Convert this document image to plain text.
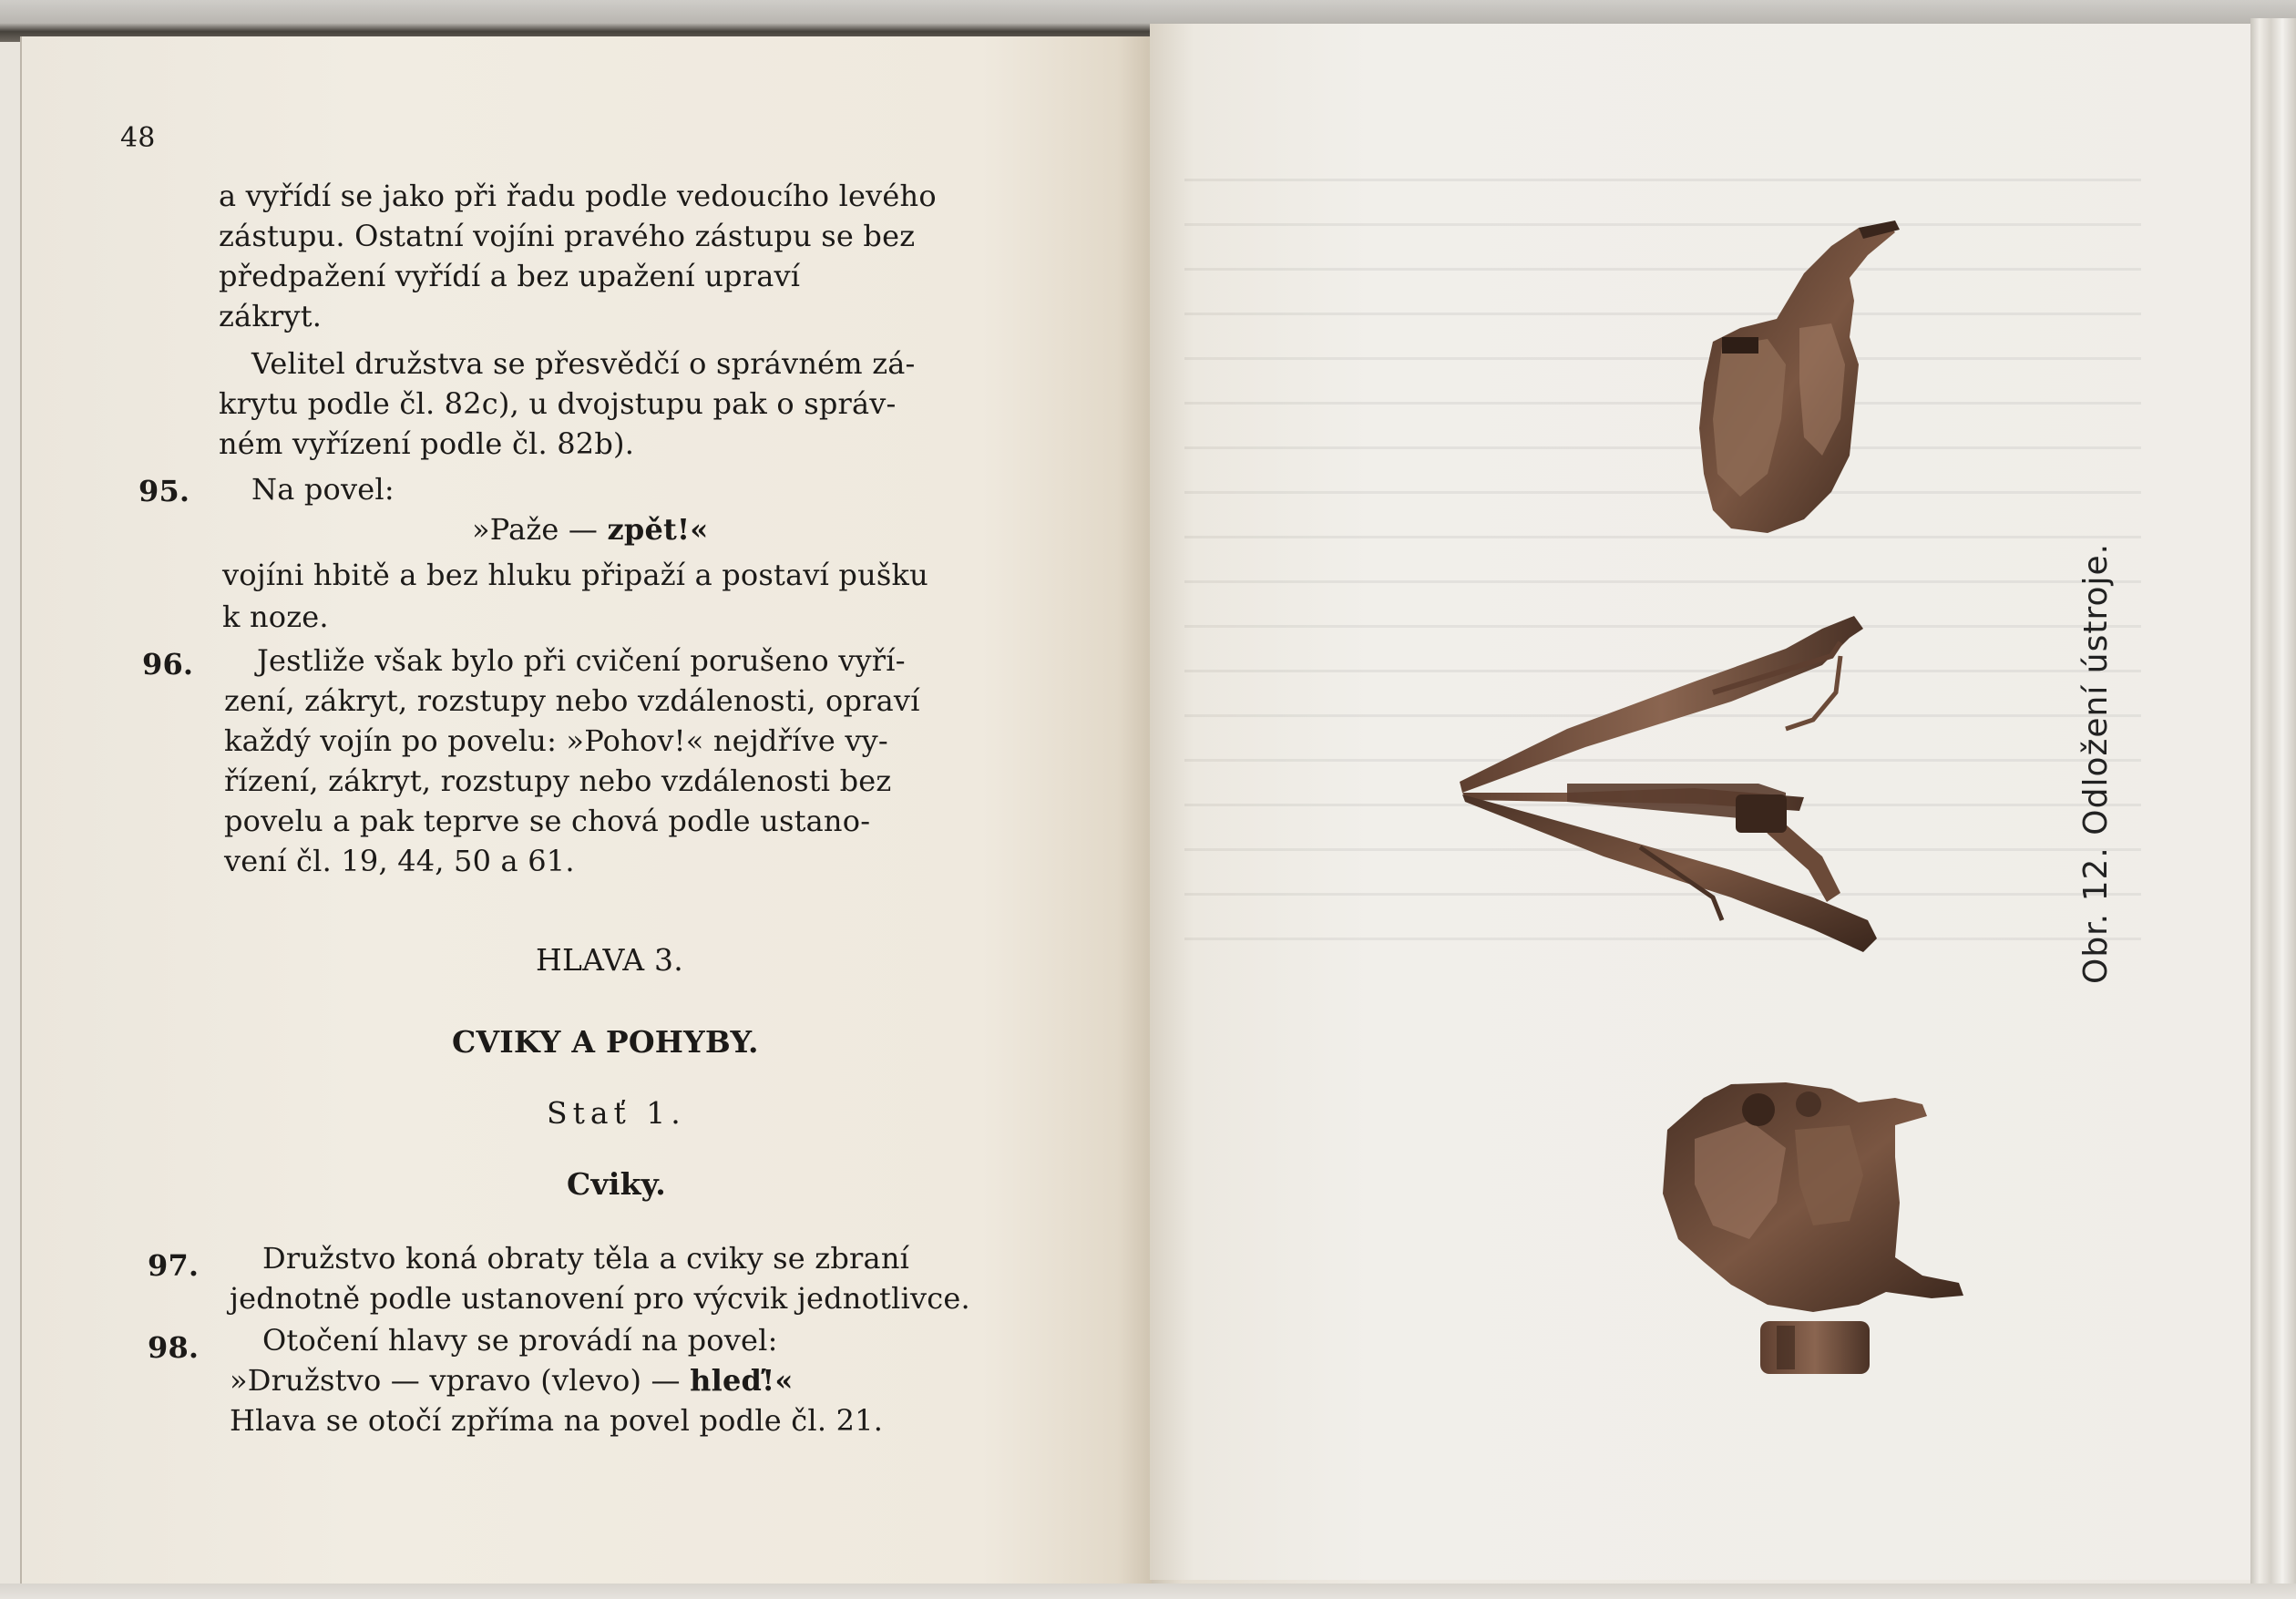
48
a vyřídí se jako při řadu podle vedoucího levého
zástupu. Ostatní vojíni pravého zástupu se bez
předpažení vyřídí a bez upažení upraví
zákryt.
Velitel družstva se přesvědčí o správném zá-
krytu podle čl. 82c), u dvojstupu pak o správ-
ném vyřízení podle čl. 82b).
95. Na povel:
»Paže — zpět!«
vojíni hbitě a bez hluku připaží a postaví pušku
k noze.
96. Jestliže však bylo při cvičení porušeno vyří-
zení, zákryt, rozstupy nebo vzdálenosti, opraví
každý vojín po povelu: »Pohov!« nejdříve vy-
řízení, zákryt, rozstupy nebo vzdálenosti bez
povelu a pak teprve se chová podle ustano-
vení čl. 19, 44, 50 a 61.
HLAVA 3.
CVIKY A POHYBY.
Stať 1.
Cviky.
97. Družstvo koná obraty těla a cviky se zbraní
jednotně podle ustanovení pro výcvik jednotlivce.
98. Otočení hlavy se provádí na povel:
»Družstvo — vpravo (vlevo) — hleď!«
Hlava se otočí zpříma na povel podle čl. 21.
Obr. 12. Odložení ústroje.
